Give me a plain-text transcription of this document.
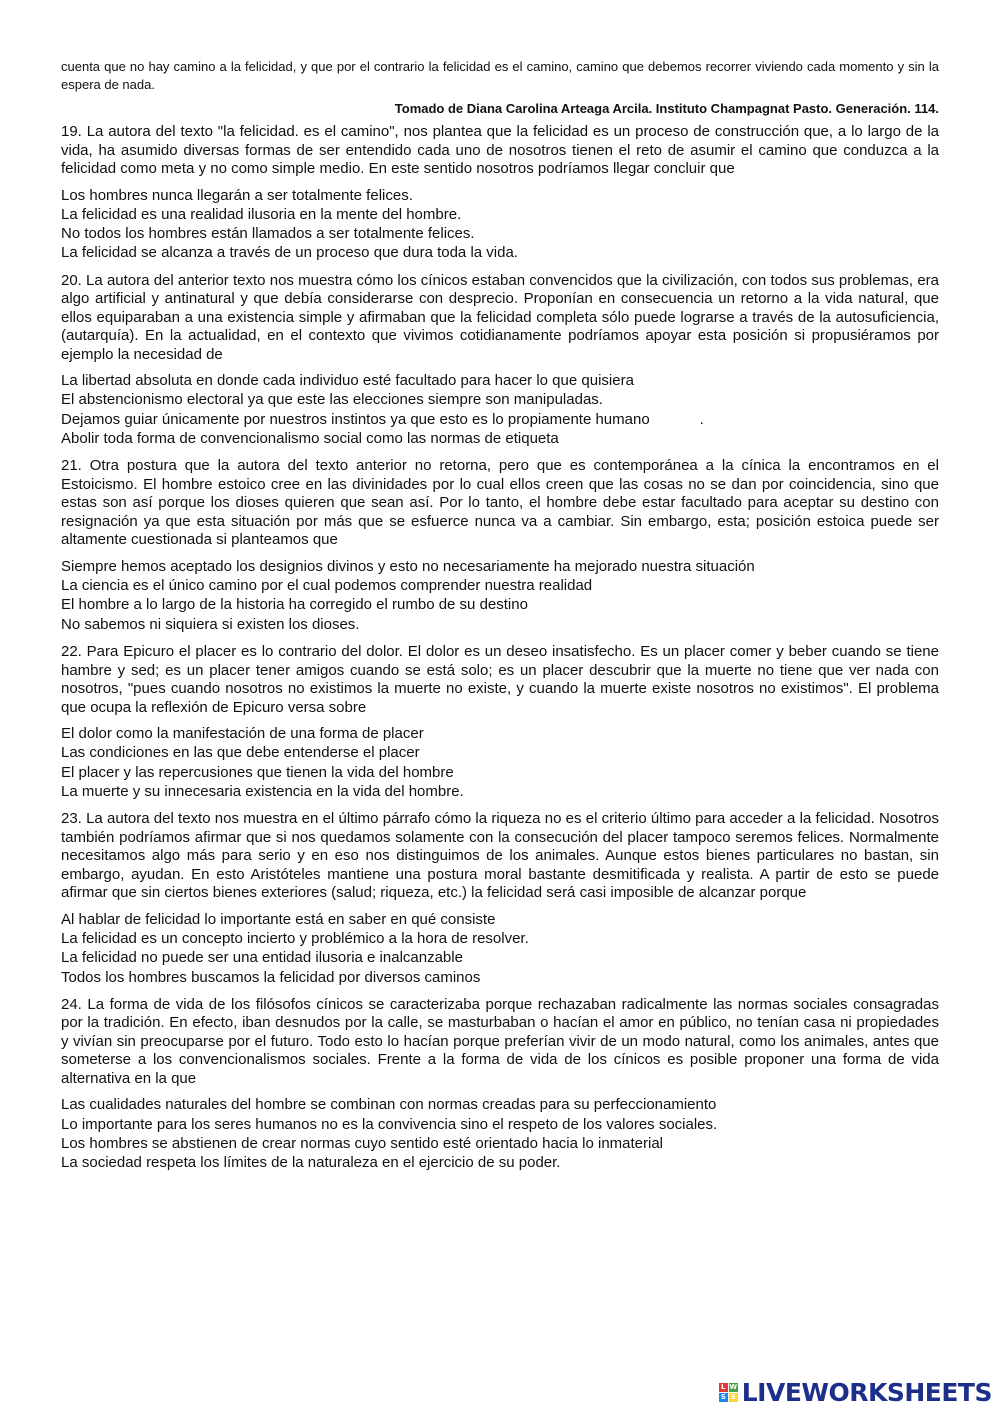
cuenta que no hay camino a la felicidad, y que por el contrario la felicidad es el camino, camino que debemos recorrer viviendo cada momento y sin la espera de nada.

Tomado de Diana Carolina Arteaga Arcila. Instituto Champagnat Pasto. Generación. 114.

19. La autora del texto "la felicidad. es el camino", nos plantea que la felicidad es un proceso de construcción que, a lo largo de la vida, ha asumido diversas formas de ser entendido cada uno de nosotros tienen el reto de asumir el camino que conduzca a la felicidad como meta y no como simple medio. En este sentido nosotros podríamos llegar concluir que

Los hombres nunca llegarán a ser totalmente felices.
La felicidad es una realidad ilusoria en la mente del hombre.
No todos los hombres están llamados a ser totalmente felices.
La felicidad se alcanza a través de un proceso que dura toda la vida.

20. La autora del anterior texto nos muestra cómo los cínicos estaban convencidos que la civilización, con todos sus problemas, era algo artificial y antinatural y que debía considerarse con desprecio. Proponían en consecuencia un retorno a la vida natural, que ellos equiparaban a una existencia simple y afirmaban que la felicidad completa sólo puede lograrse a través de la autosuficiencia, (autarquía). En la actualidad, en el contexto que vivimos cotidianamente podríamos apoyar esta posición si propusiéramos por ejemplo la necesidad de

La libertad absoluta en donde cada individuo esté facultado para hacer lo que quisiera
El abstencionismo electoral ya que este las elecciones siempre son manipuladas.
Dejamos guiar únicamente por nuestros instintos ya que esto es lo propiamente humano            .
Abolir toda forma de convencionalismo social como las normas de etiqueta

21. Otra postura que la autora del texto anterior no retorna, pero que es contemporánea a la cínica la encontramos en el Estoicismo. El hombre estoico cree en las divinidades por lo cual ellos creen que las cosas no se dan por coincidencia, sino que estas son así porque los dioses quieren que sean así. Por lo tanto, el hombre debe estar facultado para aceptar su destino con resignación ya que esta situación por más que se esfuerce nunca va a cambiar. Sin embargo, esta; posición estoica puede ser altamente cuestionada si planteamos que

Siempre hemos aceptado los designios divinos y esto no necesariamente ha mejorado nuestra situación
La ciencia es el único camino por el cual podemos comprender nuestra realidad
El hombre a lo largo de la historia ha corregido el rumbo de su destino
No sabemos ni siquiera si existen los dioses.

22. Para Epicuro el placer es lo contrario del dolor. El dolor es un deseo insatisfecho. Es un placer comer y beber cuando se tiene hambre y sed; es un placer tener amigos cuando se está solo; es un placer descubrir que la muerte no tiene que ver nada con nosotros, "pues cuando nosotros no existimos la muerte no existe, y cuando la muerte existe nosotros no existimos". El problema que ocupa la reflexión de Epicuro versa sobre

El dolor como la manifestación de una forma de placer
Las condiciones en las que debe entenderse el placer
El placer y las repercusiones que tienen la vida del hombre
La muerte y su innecesaria existencia en la vida del hombre.

23. La autora del texto nos muestra en el último párrafo cómo la riqueza no es el criterio último para acceder a la felicidad. Nosotros también podríamos afirmar que si nos quedamos solamente con la consecución del placer tampoco seremos felices. Normalmente necesitamos algo más para serio y en eso nos distinguimos de los animales. Aunque estos bienes particulares no bastan, sin embargo, ayudan. En esto Aristóteles mantiene una postura moral bastante desmitificada y realista. A partir de esto se puede afirmar que sin ciertos bienes exteriores (salud; riqueza, etc.) la felicidad será casi imposible de alcanzar porque

Al hablar de felicidad lo importante está en saber en qué consiste
La felicidad es un concepto incierto y problémico a la hora de resolver.
La felicidad no puede ser una entidad ilusoria e inalcanzable
Todos los hombres buscamos la felicidad por diversos caminos

24. La forma de vida de los filósofos cínicos se caracterizaba porque rechazaban radicalmente las normas sociales consagradas por la tradición. En efecto, iban desnudos por la calle, se masturbaban o hacían el amor en público, no tenían casa ni propiedades y vivían sin preocuparse por el futuro. Todo esto lo hacían porque preferían vivir de un modo natural, como los animales, antes que someterse a los convencionalismos sociales. Frente a la forma de vida de los cínicos es posible proponer una forma de vida alternativa en la que

Las cualidades naturales del hombre se combinan con normas creadas para su perfeccionamiento
Lo importante para los seres humanos no es la convivencia sino el respeto de los valores sociales.
Los hombres se abstienen de crear normas cuyo sentido esté orientado hacia lo inmaterial
La sociedad respeta los límites de la naturaleza en el ejercicio de su poder.
L W
S S LIVEWORKSHEETS
